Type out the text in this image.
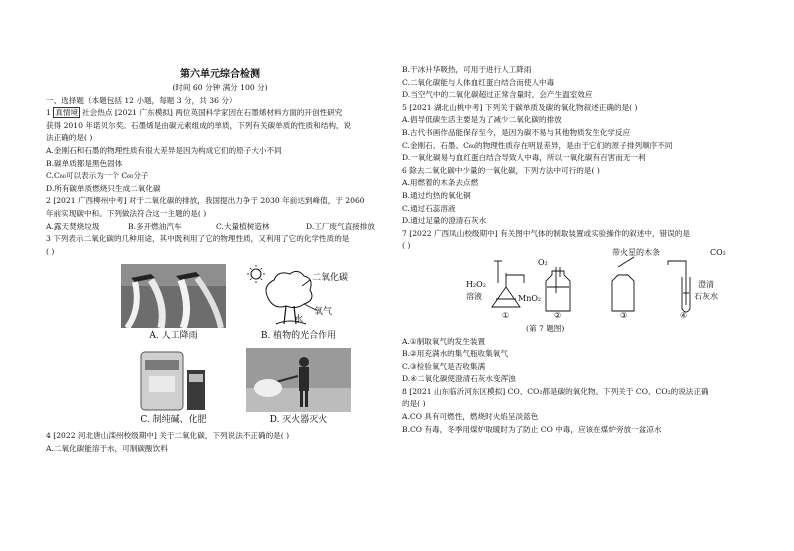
第六单元综合检测
(时间 60 分钟 满分 100 分)
一、选择题（本题包括 12 小题，每题 3 分，共 36 分）
1 真情境 社会热点 [2021 广东模拟] 两位英国科学家因在石墨烯材料方面的开创性研究
获得 2010 年诺贝尔奖。石墨烯是由碳元素组成的单质，下列有关碳单质的性质和结构，说
法正确的是( )
A.金刚石和石墨的物理性质有很大差异是因为构成它们的原子大小不同
B.碳单质都是黑色固体
C.C₆₀可以表示为一个 C₆₀分子
D.所有碳单质燃烧只生成二氧化碳
2 [2021 广西柳州中考] 对于二氧化碳的排放，我国提出力争于 2030 年前达到峰值，于 2060
年前实现碳中和。下列做法符合这一主题的是( )
A.露天焚烧垃圾	B.多开燃油汽车	C.大量植树造林	D.工厂废气直接排放
3 下列表示二氧化碳的几种用途，其中既利用了它的物理性质，又利用了它的化学性质的是
( )
A. 人工降雨
二氧化碳
水
氧气
B. 植物的光合作用
C. 制纯碱、化肥	D. 灭火器灭火
4 [2022 河北唐山滦州校级期中] 关于二氧化碳，下列说法不正确的是( )
A.二氧化碳能溶于水，可制碳酸饮料
B.干冰升华吸热，可用于进行人工降雨
C.二氧化碳能与人体血红蛋白结合而使人中毒
D.当空气中的二氧化碳超过正常含量时，会产生温室效应
5 [2021 湖北山桃中考] 下列关于碳单质及碳的氧化物叙述正确的是( )
A.倡导低碳生活主要是为了减少二氧化碳的排放
B.古代书画作品能保存至今，是因为碳不易与其他物质发生化学反应
C.金刚石、石墨、C₆₀的物理性质存在明显差异，是由于它们的原子排列顺序不同
D.一氧化碳易与血红蛋白结合导致人中毒，所以一氧化碳有百害而无一利
6 除去二氧化碳中少量的一氧化碳，下列方法中可行的是( )
A.用燃着的木条去点燃
B.通过灼热的氧化铜
C.通过石蕊溶液
D.通过足量的澄清石灰水
7 [2022 广西凤山校级期中] 有关图中气体的制取装置或实验操作的叙述中，错误的是
( )
H₂O₂
溶液	MnO₂
O₂
带火星的木条	CO₂
澄清
石灰水
①	②	③	④
(第 7 题图)
A.①制取氧气的发生装置
B.②用充满水的集气瓶收集氧气
C.③检验氧气是否收集满
D.④二氧化碳使澄清石灰水变浑浊
8 [2021 山东临沂河东区模拟] CO、CO₂都是碳的氧化物。下列关于 CO、CO₂的说法正确
的是( )
A.CO 具有可燃性，燃烧时火焰呈淡蓝色
B.CO 有毒，冬季用煤炉取暖时为了防止 CO 中毒，应该在煤炉旁放一盆凉水
